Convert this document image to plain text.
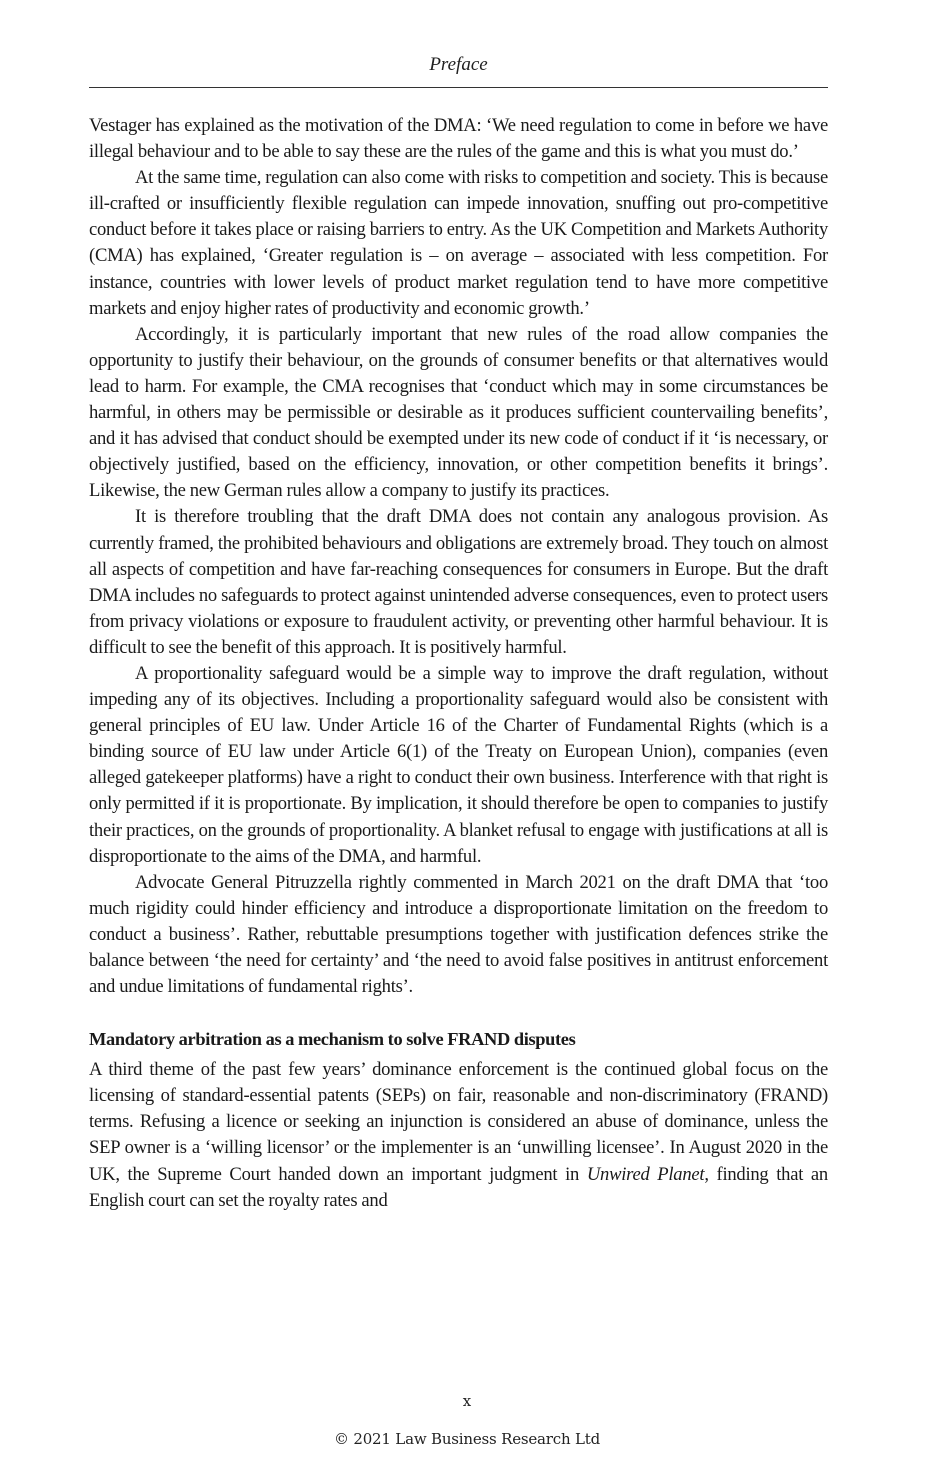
Preface

Vestager has explained as the motivation of the DMA: ‘We need regulation to come in before we have illegal behaviour and to be able to say these are the rules of the game and this is what you must do.’

At the same time, regulation can also come with risks to competition and society. This is because ill-crafted or insufficiently flexible regulation can impede innovation, snuffing out pro-competitive conduct before it takes place or raising barriers to entry. As the UK Competition and Markets Authority (CMA) has explained, ‘Greater regulation is – on average – associated with less competition. For instance, countries with lower levels of product market regulation tend to have more competitive markets and enjoy higher rates of productivity and economic growth.’

Accordingly, it is particularly important that new rules of the road allow companies the opportunity to justify their behaviour, on the grounds of consumer benefits or that alternatives would lead to harm. For example, the CMA recognises that ‘conduct which may in some circumstances be harmful, in others may be permissible or desirable as it produces sufficient countervailing benefits’, and it has advised that conduct should be exempted under its new code of conduct if it ‘is necessary, or objectively justified, based on the efficiency, innovation, or other competition benefits it brings’. Likewise, the new German rules allow a company to justify its practices.

It is therefore troubling that the draft DMA does not contain any analogous provision. As currently framed, the prohibited behaviours and obligations are extremely broad. They touch on almost all aspects of competition and have far-reaching consequences for consumers in Europe. But the draft DMA includes no safeguards to protect against unintended adverse consequences, even to protect users from privacy violations or exposure to fraudulent activity, or preventing other harmful behaviour. It is difficult to see the benefit of this approach. It is positively harmful.

A proportionality safeguard would be a simple way to improve the draft regulation, without impeding any of its objectives. Including a proportionality safeguard would also be consistent with general principles of EU law. Under Article 16 of the Charter of Fundamental Rights (which is a binding source of EU law under Article 6(1) of the Treaty on European Union), companies (even alleged gatekeeper platforms) have a right to conduct their own business. Interference with that right is only permitted if it is proportionate. By implication, it should therefore be open to companies to justify their practices, on the grounds of proportionality. A blanket refusal to engage with justifications at all is disproportionate to the aims of the DMA, and harmful.

Advocate General Pitruzzella rightly commented in March 2021 on the draft DMA that ‘too much rigidity could hinder efficiency and introduce a disproportionate limitation on the freedom to conduct a business’. Rather, rebuttable presumptions together with justification defences strike the balance between ‘the need for certainty’ and ‘the need to avoid false positives in antitrust enforcement and undue limitations of fundamental rights’.

Mandatory arbitration as a mechanism to solve FRAND disputes

A third theme of the past few years’ dominance enforcement is the continued global focus on the licensing of standard-essential patents (SEPs) on fair, reasonable and non-discriminatory (FRAND) terms. Refusing a licence or seeking an injunction is considered an abuse of dominance, unless the SEP owner is a ‘willing licensor’ or the implementer is an ‘unwilling licensee’. In August 2020 in the UK, the Supreme Court handed down an important judgment in Unwired Planet, finding that an English court can set the royalty rates and

x
© 2021 Law Business Research Ltd
